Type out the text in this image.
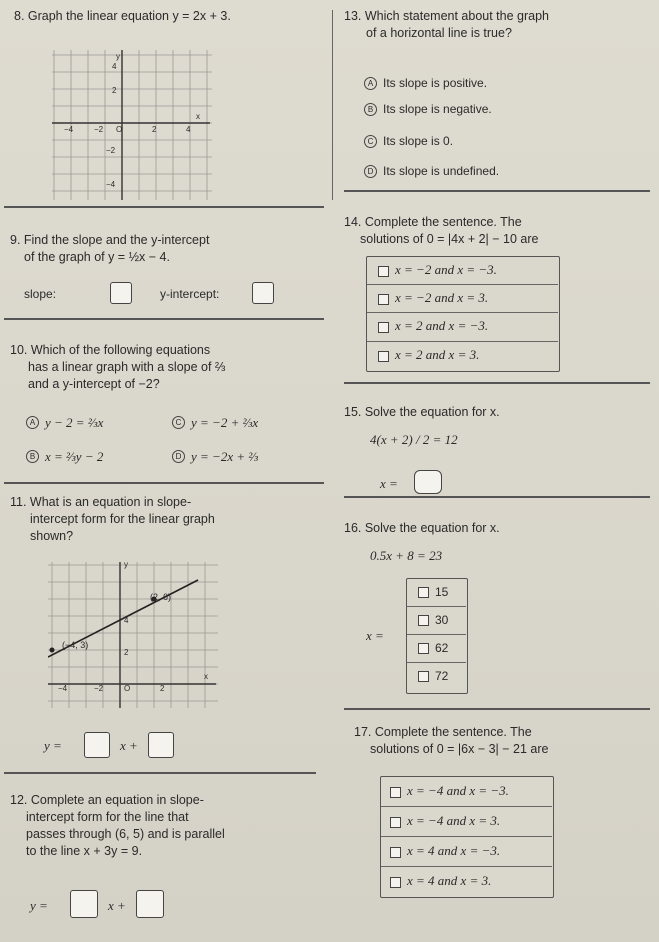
8. Graph the linear equation y = 2x + 3.
y
4
2
x
−4	−2 O	2	4
−2
−4
9. Find the slope and the y-intercept
of the graph of y = ½x − 4.
slope:	y-intercept:
10. Which of the following equations
has a linear graph with a slope of ⅔
and a y-intercept of −2?
A y − 2 = ⅔x	C y = −2 + ⅔x
B x = ⅔y − 2	D y = −2x + ⅔
11. What is an equation in slope-
intercept form for the linear graph
shown?
y
(2, 6)
4
(−4, 3)
2
x
−4	−2	O	2
y =	x +
12. Complete an equation in slope-
intercept form for the line that
passes through (6, 5) and is parallel
to the line x + 3y = 9.
y =	x +
13. Which statement about the graph
of a horizontal line is true?
A Its slope is positive.
B Its slope is negative.
C Its slope is 0.
D Its slope is undefined.
14. Complete the sentence. The
solutions of 0 = |4x + 2| − 10 are
x = −2 and x = −3.
x = −2 and x = 3.
x = 2 and x = −3.
x = 2 and x = 3.
15. Solve the equation for x.
4(x + 2) / 2 = 12
x =
16. Solve the equation for x.
0.5x + 8 = 23
x =
15
30
62
72
17. Complete the sentence. The
solutions of 0 = |6x − 3| − 21 are
x = −4 and x = −3.
x = −4 and x = 3.
x = 4 and x = −3.
x = 4 and x = 3.
